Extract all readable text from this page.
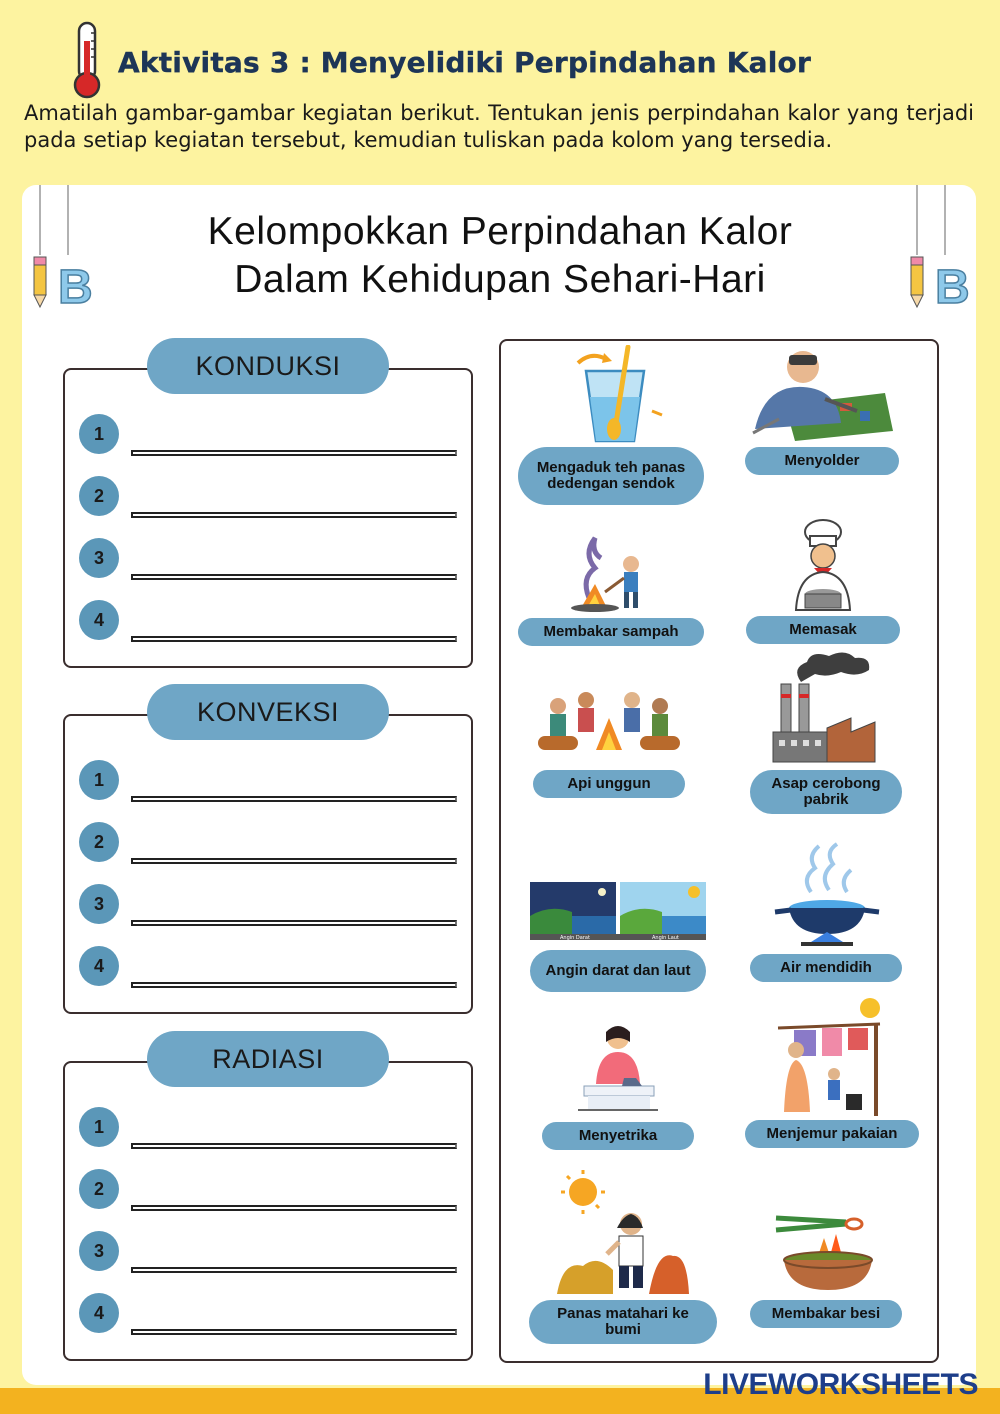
Aktivitas 3 : Menyelidiki Perpindahan Kalor
Amatilah gambar-gambar kegiatan berikut. Tentukan jenis perpindahan kalor yang terjadi pada setiap kegiatan tersebut, kemudian tuliskan pada kolom yang tersedia.
B	B
Kelompokkan Perpindahan Kalor
Dalam Kehidupan Sehari-Hari
KONDUKSI
1
2
3
4
KONVEKSI
1
2
3
4
RADIASI
1
2
3
4
Mengaduk teh panas dedengan sendok
Menyolder
Membakar sampah	Memasak
Api unggun	Asap cerobong pabrik
Angin Darat	Angin Laut
Angin darat dan laut	Air mendidih
Menyetrika	Menjemur pakaian
Panas matahari ke bumi
Membakar besi
LIVEWORKSHEETS
